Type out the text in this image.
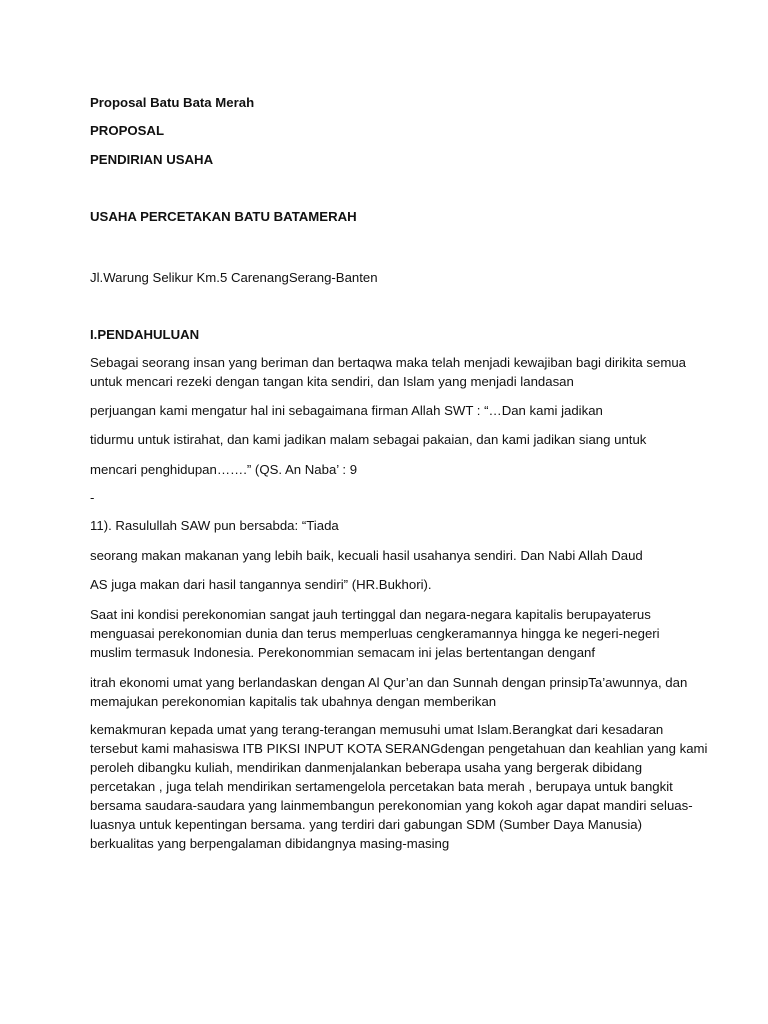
Proposal Batu Bata Merah

PROPOSAL

PENDIRIAN USAHA

USAHA PERCETAKAN BATU BATAMERAH

Jl.Warung Selikur Km.5 CarenangSerang-Banten

I.PENDAHULUAN

Sebagai seorang insan yang beriman dan bertaqwa maka telah menjadi kewajiban bagi dirikita semua

untuk mencari rezeki dengan tangan kita sendiri, dan Islam yang menjadi landasan

perjuangan kami mengatur hal ini sebagaimana firman Allah SWT : “…Dan kami jadikan

tidurmu untuk istirahat, dan kami jadikan malam sebagai pakaian, dan kami jadikan siang untuk

mencari penghidupan…….” (QS. An Naba’ : 9

-

11). Rasulullah SAW pun bersabda: “Tiada

seorang makan makanan yang lebih baik, kecuali hasil usahanya sendiri. Dan Nabi Allah Daud

AS juga makan dari hasil tangannya sendiri” (HR.Bukhori).

Saat ini kondisi perekonomian sangat jauh tertinggal dan negara-negara kapitalis berupayaterus

menguasai perekonomian dunia dan terus memperluas cengkeramannya hingga ke negeri-negeri

muslim termasuk Indonesia. Perekonommian semacam ini jelas bertentangan denganf

itrah ekonomi umat yang berlandaskan dengan Al Qur’an dan Sunnah dengan prinsipTa’awunnya, dan

memajukan perekonomian kapitalis tak ubahnya dengan memberikan

kemakmuran kepada umat yang terang-terangan memusuhi umat Islam.Berangkat dari kesadaran

tersebut kami mahasiswa ITB PIKSI INPUT KOTA SERANGdengan pengetahuan dan keahlian yang kami

peroleh dibangku kuliah, mendirikan danmenjalankan beberapa usaha yang bergerak dibidang

percetakan , juga telah mendirikan sertamengelola percetakan bata merah , berupaya untuk bangkit

bersama saudara-saudara yang lainmembangun perekonomian yang kokoh agar dapat mandiri seluas-

luasnya untuk kepentingan bersama. yang terdiri dari gabungan SDM (Sumber Daya Manusia)

berkualitas yang berpengalaman dibidangnya masing-masing
